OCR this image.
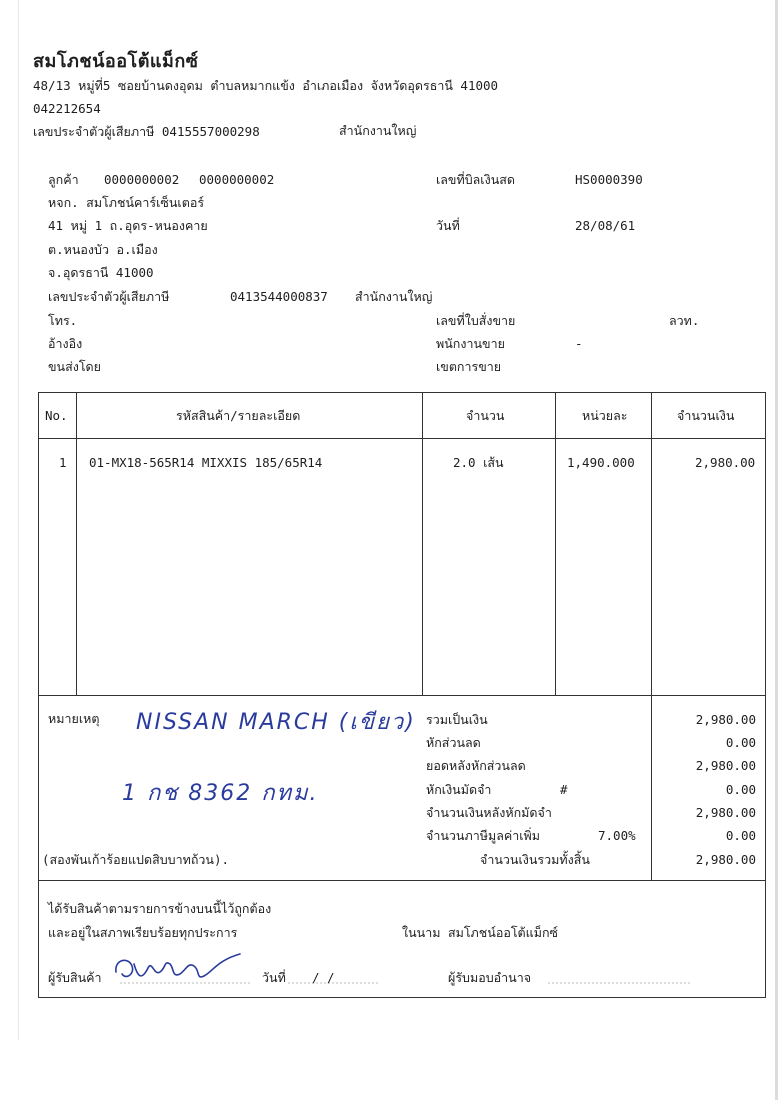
สมโภชน์ออโต้แม็กซ์
48/13 หมู่ที่5 ซอยบ้านดงอุดม ตำบลหมากแข้ง อำเภอเมือง จังหวัดอุดรธานี 41000
042212654
เลขประจำตัวผู้เสียภาษี 0415557000298	สำนักงานใหญ่
ลูกค้า 0000000002 0000000002
หจก. สมโภชน์คาร์เซ็นเตอร์
41 หมู่ 1 ถ.อุดร-หนองคาย
ต.หนองบัว อ.เมือง
จ.อุดรธานี 41000
เลขประจำตัวผู้เสียภาษี	0413544000837 สำนักงานใหญ่
โทร.
อ้างอิง
ขนส่งโดย
เลขที่บิลเงินสด	HS0000390
วันที่	28/08/61
เลขที่ใบสั่งขาย	ลวท.
พนักงานขาย	-
เขตการขาย
No.	รหัสสินค้า/รายละเอียด	จำนวน	หน่วยละ	จำนวนเงิน
1 01-MX18-565R14 MIXXIS 185/65R14	2.0 เส้น	1,490.000	2,980.00
หมายเหตุ NISSAN MARCH (เขียว)
1 กช 8362 กทม.
(สองพันเก้าร้อยแปดสิบบาทถ้วน).
รวมเป็นเงิน	2,980.00
หักส่วนลด	0.00
ยอดหลังหักส่วนลด	2,980.00
หักเงินมัดจำ	#	0.00
จำนวนเงินหลังหักมัดจำ	2,980.00
จำนวนภาษีมูลค่าเพิ่ม	7.00%	0.00
จำนวนเงินรวมทั้งสิ้น	2,980.00
ได้รับสินค้าตามรายการข้างบนนี้ไว้ถูกต้อง
และอยู่ในสภาพเรียบร้อยทุกประการ	ในนาม สมโภชน์ออโต้แม็กซ์
ผู้รับสินค้า	วันที่ / /	ผู้รับมอบอำนาจ
